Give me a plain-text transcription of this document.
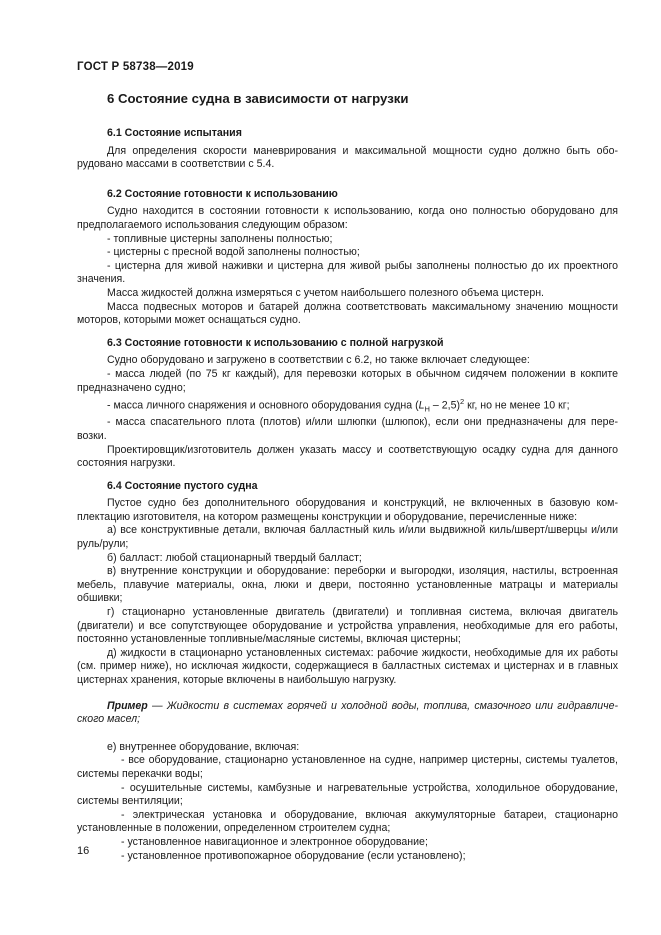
ГОСТ Р 58738—2019
6 Состояние судна в зависимости от нагрузки
6.1 Состояние испытания

Для определения скорости маневрирования и максимальной мощности судно должно быть оборудовано массами в соответствии с 5.4.

6.2 Состояние готовности к использованию

Судно находится в состоянии готовности к использованию, когда оно полностью оборудовано для предполагаемого использования следующим образом:

- топливные цистерны заполнены полностью;

- цистерны с пресной водой заполнены полностью;

- цистерна для живой наживки и цистерна для живой рыбы заполнены полностью до их проектного значения.

Масса жидкостей должна измеряться с учетом наибольшего полезного объема цистерн.

Масса подвесных моторов и батарей должна соответствовать максимальному значению мощности моторов, которыми может оснащаться судно.

6.3 Состояние готовности к использованию с полной нагрузкой

Судно оборудовано и загружено в соответствии с 6.2, но также включает следующее:

- масса людей (по 75 кг каждый), для перевозки которых в обычном сидячем положении в кокпите предназначено судно;

- масса личного снаряжения и основного оборудования судна $(L_H - 2,5)^2$ кг, но не менее 10 кг;

- масса спасательного плота (плотов) и/или шлюпки (шлюпок), если они предназначены для перевозки.

Проектировщик/изготовитель должен указать массу и соответствующую осадку судна для данного состояния нагрузки.

6.4 Состояние пустого судна

Пустое судно без дополнительного оборудования и конструкций, не включенных в базовую комплектацию изготовителя, на котором размещены конструкции и оборудование, перечисленные ниже:

а) все конструктивные детали, включая балластный киль и/или выдвижной киль/шверт/шверцы и/или руль/рули;

б) балласт: любой стационарный твердый балласт;

в) внутренние конструкции и оборудование: переборки и выгородки, изоляция, настилы, встроенная мебель, плавучие материалы, окна, люки и двери, постоянно установленные матрацы и материалы обшивки;

г) стационарно установленные двигатель (двигатели) и топливная система, включая двигатель (двигатели) и все сопутствующее оборудование и устройства управления, необходимые для его работы, постоянно установленные топливные/масляные системы, включая цистерны;

д) жидкости в стационарно установленных системах: рабочие жидкости, необходимые для их работы (см. пример ниже), но исключая жидкости, содержащиеся в балластных системах и цистернах и в главных цистернах хранения, которые включены в наибольшую нагрузку.

Пример — Жидкости в системах горячей и холодной воды, топлива, смазочного или гидравлического масел;

е) внутреннее оборудование, включая:

- все оборудование, стационарно установленное на судне, например цистерны, системы туалетов, системы перекачки воды;

- осушительные системы, камбузные и нагревательные устройства, холодильное оборудование, системы вентиляции;

- электрическая установка и оборудование, включая аккумуляторные батареи, стационарно установленные в положении, определенном строителем судна;

- установленное навигационное и электронное оборудование;

- установленное противопожарное оборудование (если установлено);

16
